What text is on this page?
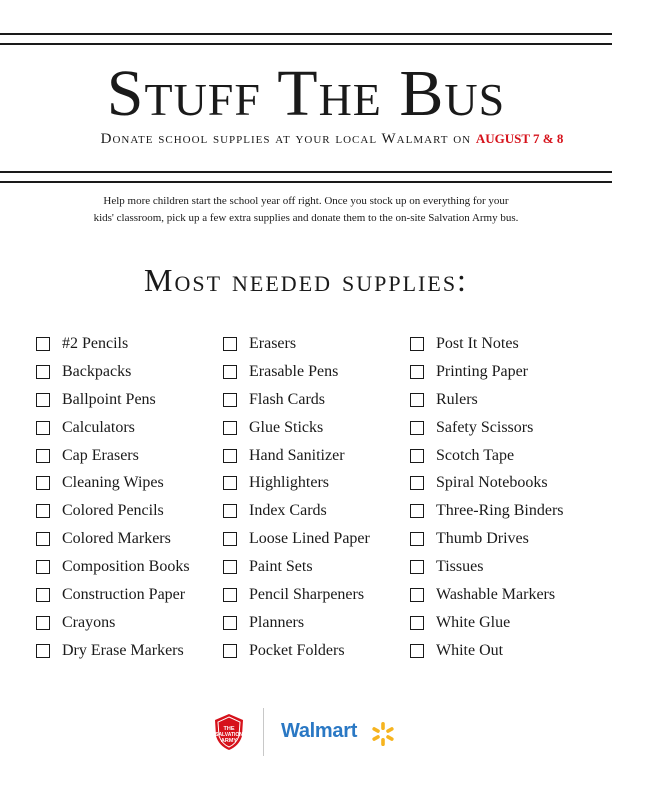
Stuff The Bus
Donate school supplies at your local Walmart on AUGUST 7 & 8
Help more children start the school year off right. Once you stock up on everything for your
kids' classroom, pick up a few extra supplies and donate them to the on-site Salvation Army bus.
Most needed supplies:
#2 Pencils
Backpacks
Ballpoint Pens
Calculators
Cap Erasers
Cleaning Wipes
Colored Pencils
Colored Markers
Composition Books
Construction Paper
Crayons
Dry Erase Markers
Erasers
Erasable Pens
Flash Cards
Glue Sticks
Hand Sanitizer
Highlighters
Index Cards
Loose Lined Paper
Paint Sets
Pencil Sharpeners
Planners
Pocket Folders
Post It Notes
Printing Paper
Rulers
Safety Scissors
Scotch Tape
Spiral Notebooks
Three-Ring Binders
Thumb Drives
Tissues
Washable Markers
White Glue
White Out
THE
SALVATION
ARMY Walmart
